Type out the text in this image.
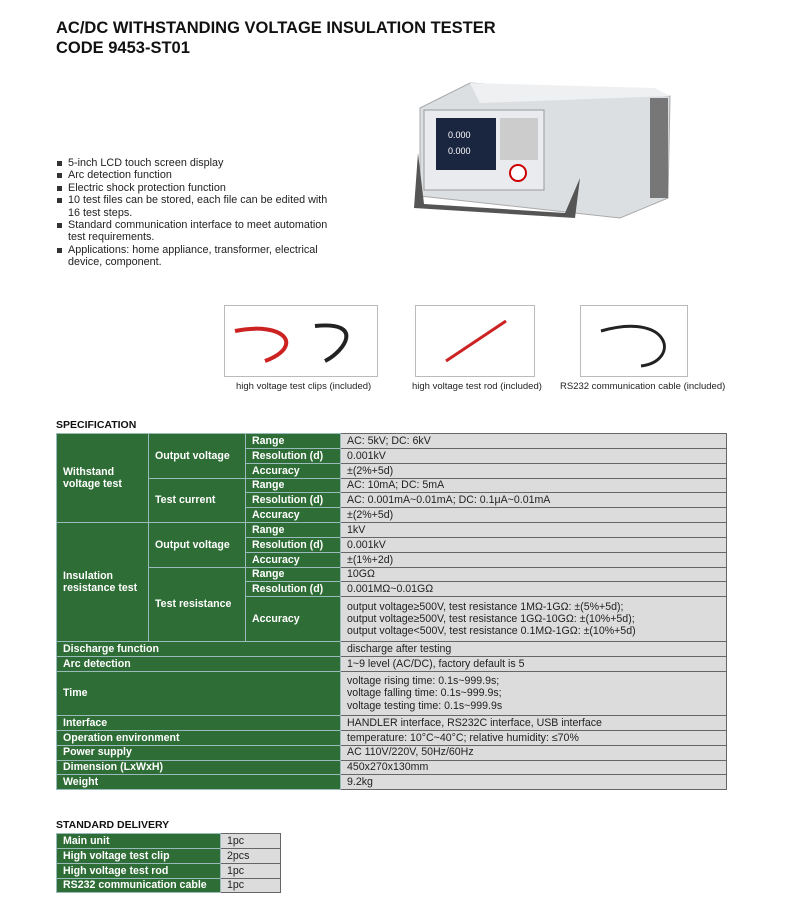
AC/DC WITHSTANDING VOLTAGE INSULATION TESTER
CODE 9453-ST01
5-inch LCD touch screen display
Arc detection function
Electric shock protection function
10 test files can be stored, each file can be edited with 16 test steps.
Standard communication interface to meet automation test requirements.
Applications: home appliance, transformer, electrical device, component.
0.000
0.000
high voltage test clips (included)	high voltage test rod (included) RS232 communication cable (included)
SPECIFICATION
Withstand voltage test	Output voltage	Range	AC: 5kV; DC: 6kV
		Resolution (d)	0.001kV
		Accuracy	±(2%+5d)
	Test current	Range	AC: 10mA; DC: 5mA
		Resolution (d)	AC: 0.001mA~0.01mA; DC: 0.1μA~0.01mA
		Accuracy	±(2%+5d)
Insulation resistance test	Output voltage	Range	1kV
		Resolution (d)	0.001kV
		Accuracy	±(1%+2d)
	Test resistance	Range	10GΩ
		Resolution (d)	0.001MΩ~0.01GΩ
		Accuracy	output voltage≥500V, test resistance 1MΩ-1GΩ: ±(5%+5d);
output voltage≥500V, test resistance 1GΩ-10GΩ: ±(10%+5d);
output voltage<500V, test resistance 0.1MΩ-1GΩ: ±(10%+5d)

Discharge function			discharge after testing
Arc detection			1~9 level (AC/DC), factory default is 5
Time			voltage rising time: 0.1s~999.9s;
voltage falling time: 0.1s~999.9s;
voltage testing time: 0.1s~999.9s

Interface			HANDLER interface, RS232C interface, USB interface
Operation environment			temperature: 10°C~40°C; relative humidity: ≤70%
Power supply			AC 110V/220V, 50Hz/60Hz
Dimension (LxWxH)			450x270x130mm
Weight			9.2kg
STANDARD DELIVERY
Main unit	1pc
High voltage test clip	2pcs
High voltage test rod	1pc
RS232 communication cable	1pc
